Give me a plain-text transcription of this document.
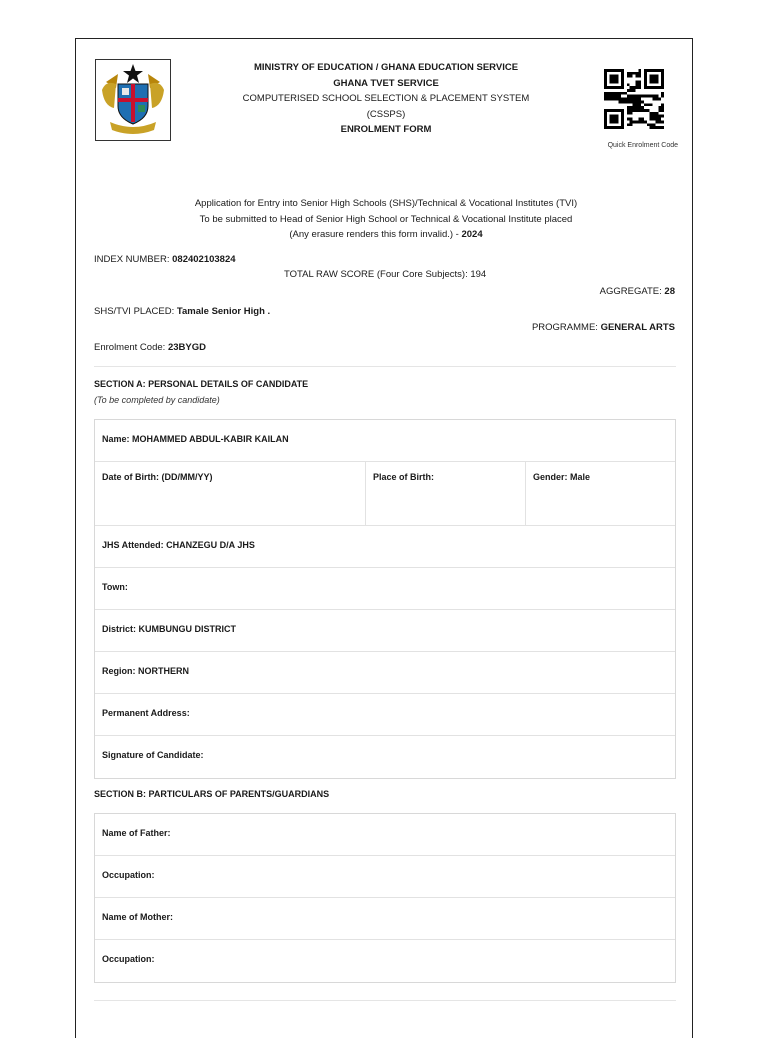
MINISTRY OF EDUCATION / GHANA EDUCATION SERVICE
GHANA TVET SERVICE
COMPUTERISED SCHOOL SELECTION & PLACEMENT SYSTEM
(CSSPS)
ENROLMENT FORM
Quick Enrolment Code
Application for Entry into Senior High Schools (SHS)/Technical & Vocational Institutes (TVI)
To be submitted to Head of Senior High School or Technical & Vocational Institute placed
(Any erasure renders this form invalid.) - 2024
INDEX NUMBER: 082402103824
TOTAL RAW SCORE (Four Core Subjects): 194
AGGREGATE: 28
SHS/TVI PLACED: Tamale Senior High .
PROGRAMME: GENERAL ARTS
Enrolment Code: 23BYGD
SECTION A: PERSONAL DETAILS OF CANDIDATE
(To be completed by candidate)
Name: MOHAMMED ABDUL-KABIR KAILAN
Date of Birth: (DD/MM/YY)	Place of Birth:	Gender: Male
JHS Attended: CHANZEGU D/A JHS
Town:
District: KUMBUNGU DISTRICT
Region: NORTHERN
Permanent Address:
Signature of Candidate:
SECTION B: PARTICULARS OF PARENTS/GUARDIANS
Name of Father:
Occupation:
Name of Mother:
Occupation:
